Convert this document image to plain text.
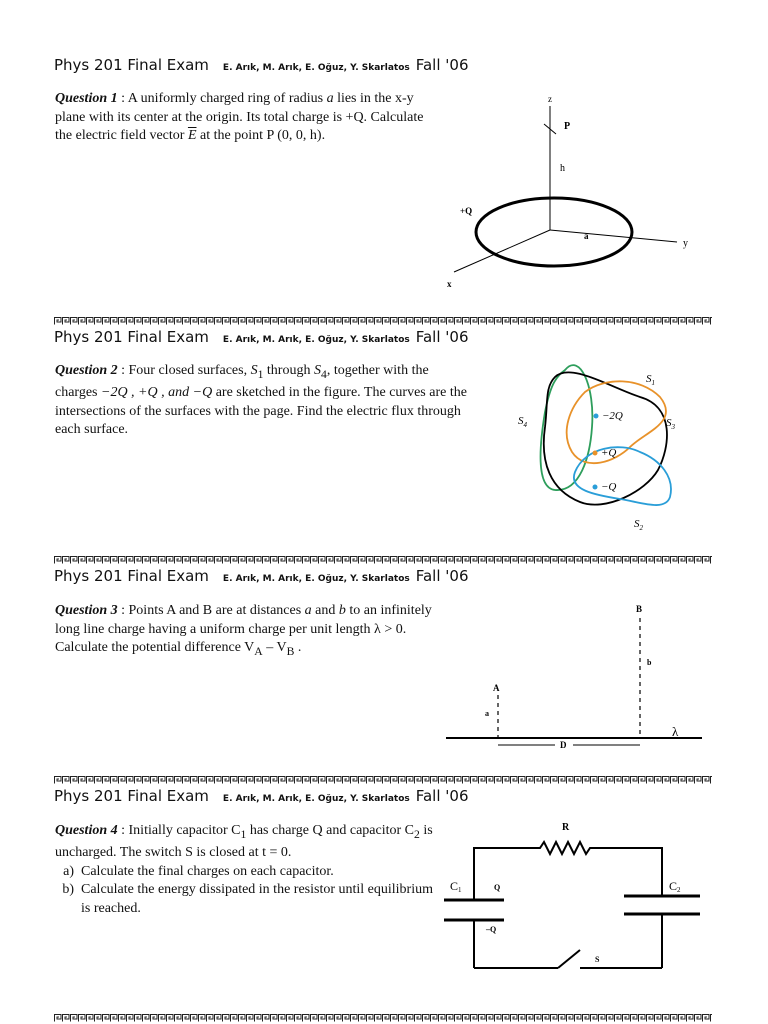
Phys 201 Final Exam E. Arık, M. Arık, E. Oğuz, Y. Skarlatos Fall '06
Question 1 : A uniformly charged ring of radius a lies in the x-y plane with its center at the origin. Its total charge is +Q. Calculate the electric field vector $\overline{E}$ at the point P (0, 0, h).
z
P
h
+Q
a
y
x
Phys 201 Final Exam E. Arık, M. Arık, E. Oğuz, Y. Skarlatos Fall '06
Question 2 : Four closed surfaces, $S_1$ through $S_4$, together with the charges −2Q , +Q , and −Q are sketched in the figure. The curves are the intersections of the surfaces with the page. Find the electric flux through each surface.
−2Q
+Q
−Q
$S_1$
$S_2$
$S_3$
$S_4$
Phys 201 Final Exam E. Arık, M. Arık, E. Oğuz, Y. Skarlatos Fall '06
Question 3 : Points A and B are at distances a and b to an infinitely long line charge having a uniform charge per unit length λ > 0. Calculate the potential difference $V_A - V_B$ .
A
a
B
b
D
λ
Phys 201 Final Exam E. Arık, M. Arık, E. Oğuz, Y. Skarlatos Fall '06
Question 4 : Initially capacitor $C_1$ has charge Q and capacitor $C_2$ is uncharged. The switch S is closed at t = 0.
a. Calculate the final charges on each capacitor.
b. Calculate the energy dissipated in the resistor until equilibrium is reached.
R
C1	Q
–Q
C2
S
